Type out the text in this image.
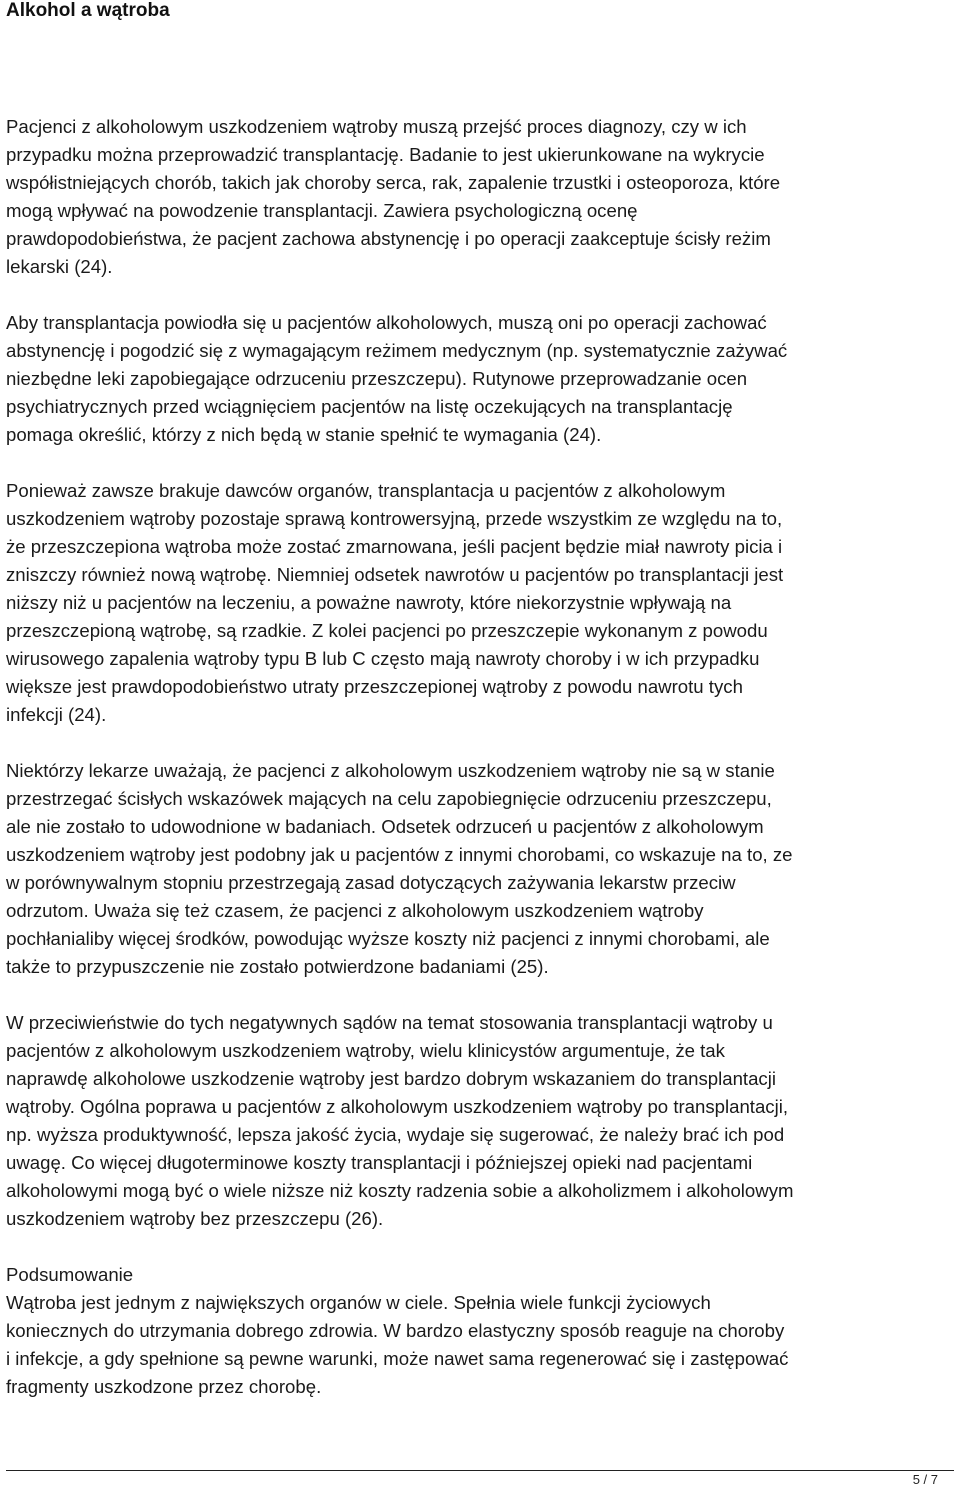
Alkohol a wątroba

Pacjenci z alkoholowym uszkodzeniem wątroby muszą przejść proces diagnozy, czy w ich
przypadku można przeprowadzić transplantację. Badanie to jest ukierunkowane na wykrycie
współistniejących chorób, takich jak choroby serca, rak, zapalenie trzustki i osteoporoza, które
mogą wpływać na powodzenie transplantacji. Zawiera psychologiczną ocenę
prawdopodobieństwa, że pacjent zachowa abstynencję i po operacji zaakceptuje ścisły reżim
lekarski (24).

Aby transplantacja powiodła się u pacjentów alkoholowych, muszą oni po operacji zachować
abstynencję i pogodzić się z wymagającym reżimem medycznym (np. systematycznie zażywać
niezbędne leki zapobiegające odrzuceniu przeszczepu). Rutynowe przeprowadzanie ocen
psychiatrycznych przed wciągnięciem pacjentów na listę oczekujących na transplantację
pomaga określić, którzy z nich będą w stanie spełnić te wymagania (24).

Ponieważ zawsze brakuje dawców organów, transplantacja u pacjentów z alkoholowym
uszkodzeniem wątroby pozostaje sprawą kontrowersyjną, przede wszystkim ze względu na to,
że przeszczepiona wątroba może zostać zmarnowana, jeśli pacjent będzie miał nawroty picia i
zniszczy również nową wątrobę. Niemniej odsetek nawrotów u pacjentów po transplantacji jest
niższy niż u pacjentów na leczeniu, a poważne nawroty, które niekorzystnie wpływają na
przeszczepioną wątrobę, są rzadkie. Z kolei pacjenci po przeszczepie wykonanym z powodu
wirusowego zapalenia wątroby typu B lub C często mają nawroty choroby i w ich przypadku
większe jest prawdopodobieństwo utraty przeszczepionej wątroby z powodu nawrotu tych
infekcji (24).

Niektórzy lekarze uważają, że pacjenci z alkoholowym uszkodzeniem wątroby nie są w stanie
przestrzegać ścisłych wskazówek mających na celu zapobiegnięcie odrzuceniu przeszczepu,
ale nie zostało to udowodnione w badaniach. Odsetek odrzuceń u pacjentów z alkoholowym
uszkodzeniem wątroby jest podobny jak u pacjentów z innymi chorobami, co wskazuje na to, ze
w porównywalnym stopniu przestrzegają zasad dotyczących zażywania lekarstw przeciw
odrzutom. Uważa się też czasem, że pacjenci z alkoholowym uszkodzeniem wątroby
pochłanialiby więcej środków, powodując wyższe koszty niż pacjenci z innymi chorobami, ale
także to przypuszczenie nie zostało potwierdzone badaniami (25).

W przeciwieństwie do tych negatywnych sądów na temat stosowania transplantacji wątroby u
pacjentów z alkoholowym uszkodzeniem wątroby, wielu klinicystów argumentuje, że tak
naprawdę alkoholowe uszkodzenie wątroby jest bardzo dobrym wskazaniem do transplantacji
wątroby. Ogólna poprawa u pacjentów z alkoholowym uszkodzeniem wątroby po transplantacji,
np. wyższa produktywność, lepsza jakość życia, wydaje się sugerować, że należy brać ich pod
uwagę. Co więcej długoterminowe koszty transplantacji i późniejszej opieki nad pacjentami
alkoholowymi mogą być o wiele niższe niż koszty radzenia sobie a alkoholizmem i alkoholowym
uszkodzeniem wątroby bez przeszczepu (26).

Podsumowanie
Wątroba jest jednym z największych organów w ciele. Spełnia wiele funkcji życiowych
koniecznych do utrzymania dobrego zdrowia. W bardzo elastyczny sposób reaguje na choroby
i infekcje, a gdy spełnione są pewne warunki, może nawet sama regenerować się i zastępować
fragmenty uszkodzone przez chorobę.
5 / 7
